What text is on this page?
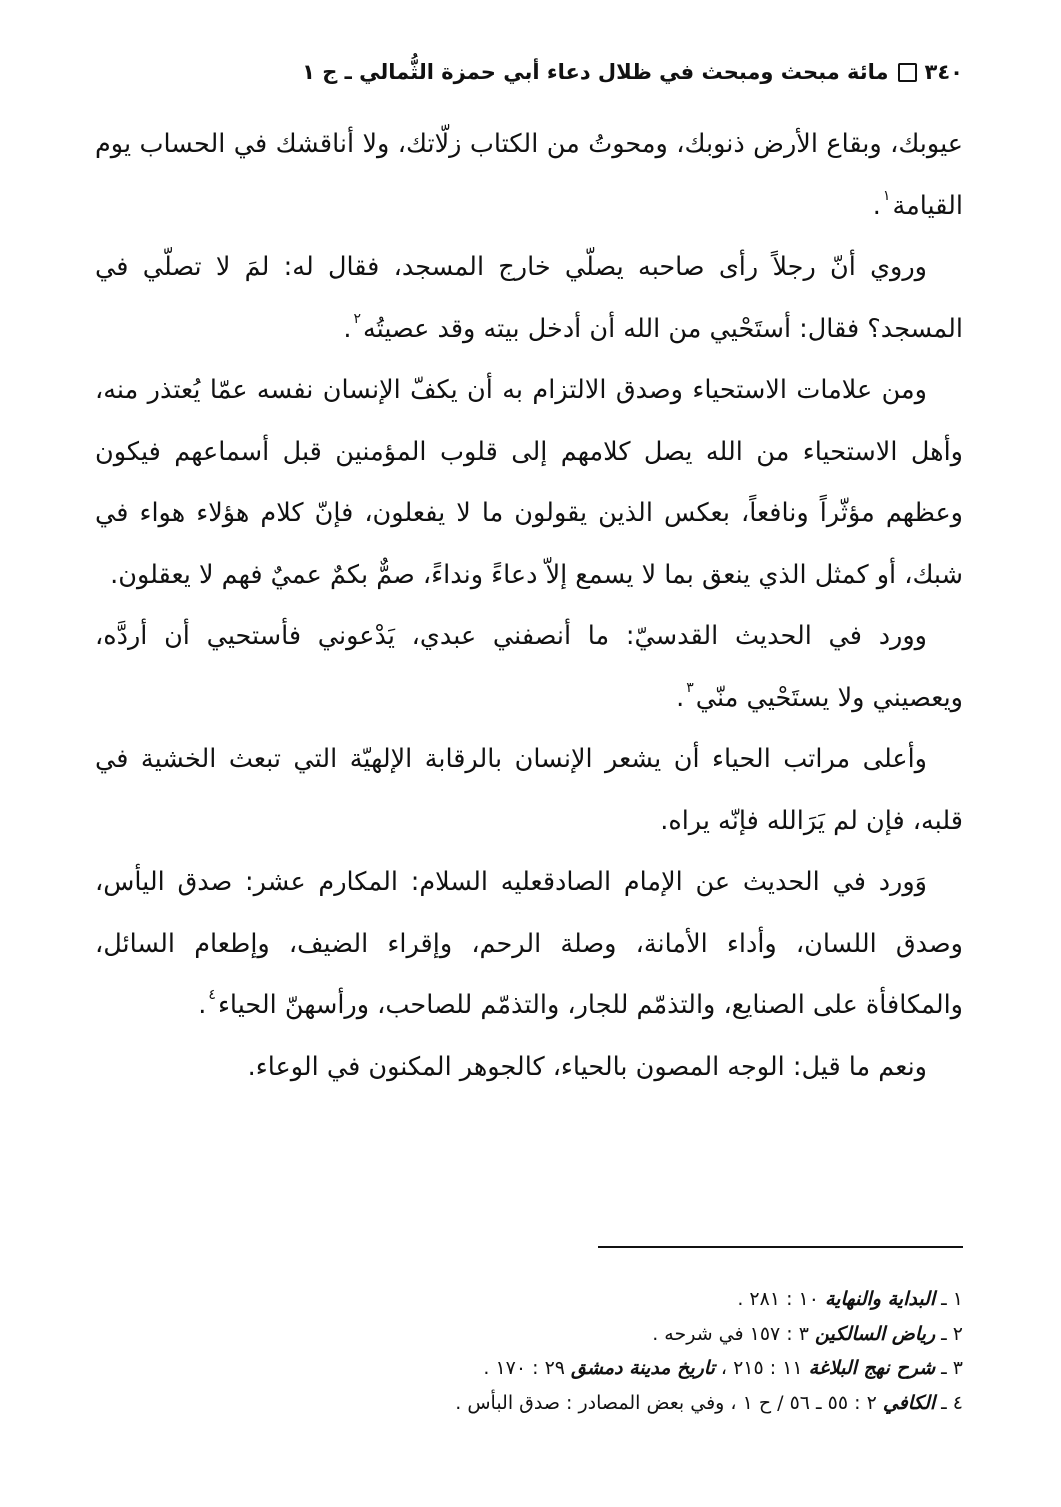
٣٤٠
مائة مبحث ومبحث في ظلال دعاء أبي حمزة الثُّمالي ـ ج ١

عيوبك، وبقاع الأرض ذنوبك، ومحوتُ من الكتاب زلّاتك، ولا أناقشك في الحساب يوم القيامة$^١$.

وروي أنّ رجلاً رأى صاحبه يصلّي خارج المسجد، فقال له: لمَ لا تصلّي في المسجد؟ فقال: أستَحْيي من الله أن أدخل بيته وقد عصيتُه$^٢$.

ومن علامات الاستحياء وصدق الالتزام به أن يكفّ الإنسان نفسه عمّا يُعتذر منه، وأهل الاستحياء من الله يصل كلامهم إلى قلوب المؤمنين قبل أسماعهم فيكون وعظهم مؤثّراً ونافعاً، بعكس الذين يقولون ما لا يفعلون، فإنّ كلام هؤلاء هواء في شبك، أو كمثل الذي ينعق بما لا يسمع إلاّ دعاءً ونداءً، صمٌّ بكمٌ عميٌ فهم لا يعقلون.

وورد في الحديث القدسيّ: ما أنصفني عبدي، يَدْعوني فأستحيي أن أردَّه، ويعصيني ولا يستَحْيي منّي$^٣$.

وأعلى مراتب الحياء أن يشعر الإنسان بالرقابة الإلهيّة التي تبعث الخشية في قلبه، فإن لم يَرَالله فإنّه يراه.

وَورد في الحديث عن الإمام الصادقعليه السلام: المكارم عشر: صدق اليأس، وصدق اللسان، وأداء الأمانة، وصلة الرحم، وإقراء الضيف، وإطعام السائل، والمكافأة على الصنايع، والتذمّم للجار، والتذمّم للصاحب، ورأسهنّ الحياء$^٤$.

ونعم ما قيل: الوجه المصون بالحياء، كالجوهر المكنون في الوعاء.

١ ـ البداية والنهاية ١٠ : ٢٨١ .
٢ ـ رياض السالكين ٣ : ١٥٧ في شرحه .
٣ ـ شرح نهج البلاغة ١١ : ٢١٥ ، تاريخ مدينة دمشق ٢٩ : ١٧٠ .
٤ ـ الكافي ٢ : ٥٥ ـ ٥٦ / ح ١ ، وفي بعض المصادر : صدق البأس .
